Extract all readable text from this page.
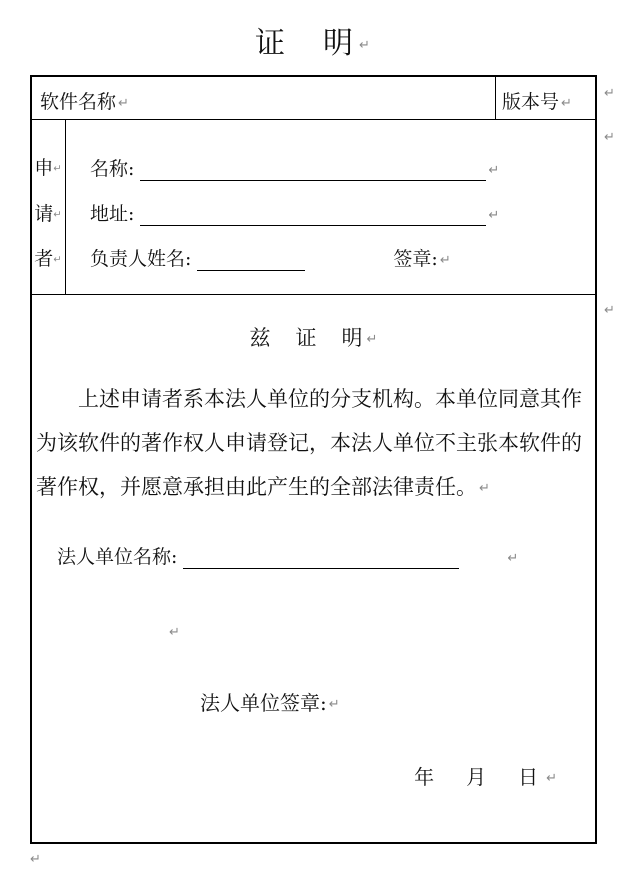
证　明 ↵
软件名称 ↵	版本号 ↵
申↵
请↵
者↵
名称:	↵
地址:	↵
负责人姓名:	签章: ↵
兹　证　明 ↵
上述申请者系本法人单位的分支机构。本单位同意其作为该软件的著作权人申请登记，本法人单位不主张本软件的著作权，并愿意承担由此产生的全部法律责任。 ↵
法人单位名称:	↵
↵
法人单位签章: ↵
年　月　日 ↵
↵
↵
↵
↵
